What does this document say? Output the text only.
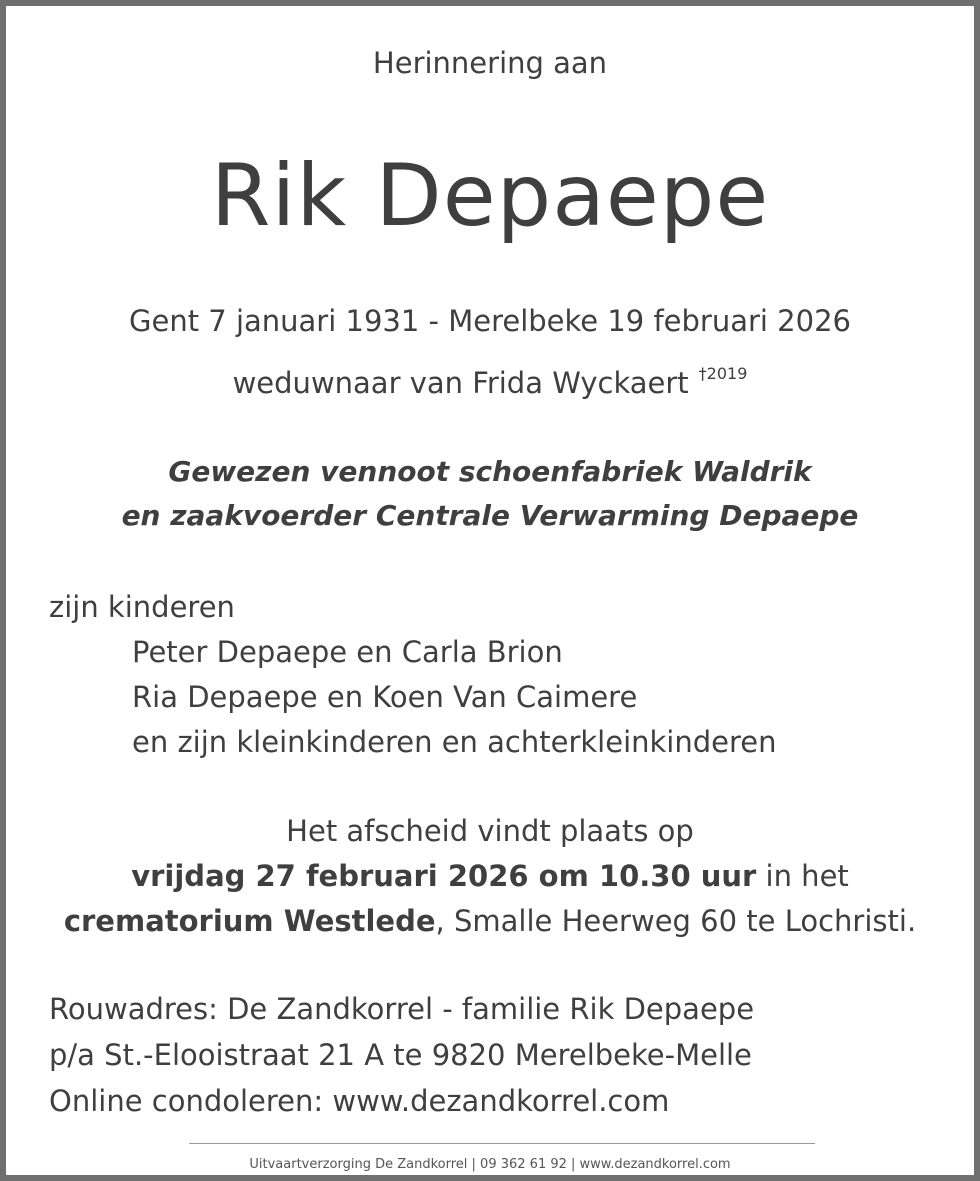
Herinnering aan
Rik Depaepe
Gent 7 januari 1931 - Merelbeke 19 februari 2026
weduwnaar van Frida Wyckaert $^{\dagger 2019}$
Gewezen vennoot schoenfabriek Waldrik
en zaakvoerder Centrale Verwarming Depaepe
zijn kinderen
Peter Depaepe en Carla Brion
Ria Depaepe en Koen Van Caimere
en zijn kleinkinderen en achterkleinkinderen
Het afscheid vindt plaats op
vrijdag 27 februari 2026 om 10.30 uur in het
crematorium Westlede, Smalle Heerweg 60 te Lochristi.
Rouwadres: De Zandkorrel - familie Rik Depaepe
p/a St.-Elooistraat 21 A te 9820 Merelbeke-Melle
Online condoleren: www.dezandkorrel.com
Uitvaartverzorging De Zandkorrel | 09 362 61 92 | www.dezandkorrel.com
